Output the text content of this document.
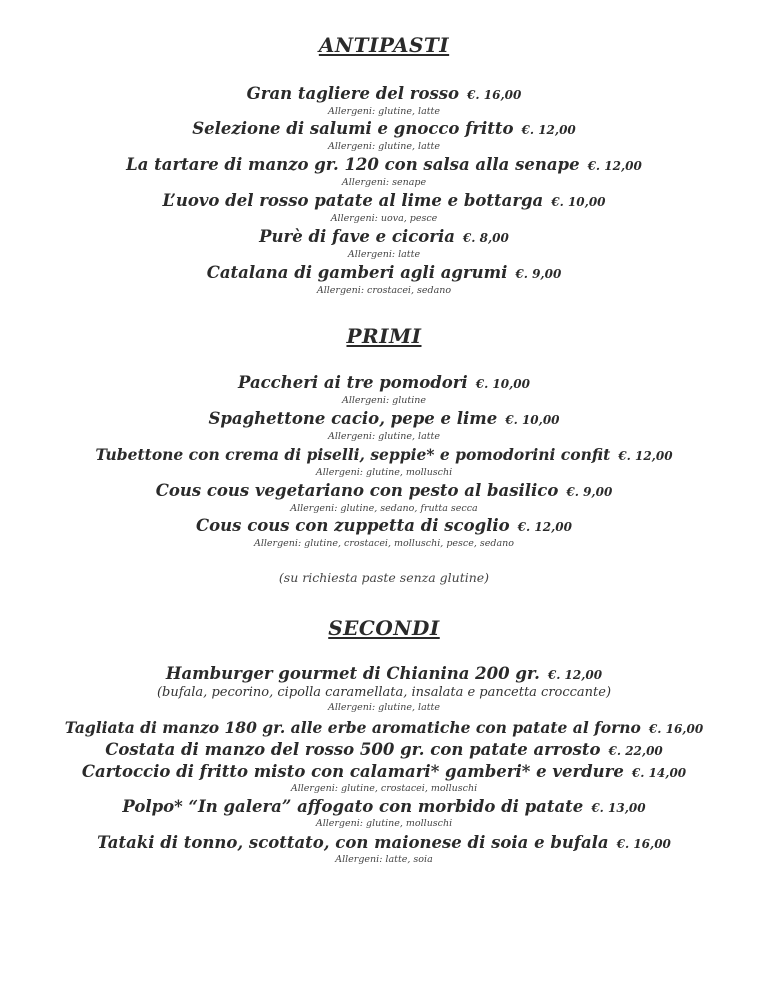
ANTIPASTI

Gran tagliere del rosso €. 16,00

Allergeni: glutine, latte

Selezione di salumi e gnocco fritto €. 12,00

Allergeni: glutine, latte

La tartare di manzo gr. 120 con salsa alla senape €. 12,00

Allergeni: senape

L’uovo del rosso patate al lime e bottarga €. 10,00

Allergeni: uova, pesce

Purè di fave e cicoria €. 8,00

Allergeni: latte

Catalana di gamberi agli agrumi €. 9,00

Allergeni: crostacei, sedano

PRIMI

Paccheri ai tre pomodori €. 10,00

Allergeni: glutine

Spaghettone cacio, pepe e lime €. 10,00

Allergeni: glutine, latte

Tubettone con crema di piselli, seppie* e pomodorini confit €. 12,00

Allergeni: glutine, molluschi

Cous cous vegetariano con pesto al basilico €. 9,00

Allergeni: glutine, sedano, frutta secca

Cous cous con zuppetta di scoglio €. 12,00

Allergeni: glutine, crostacei, molluschi, pesce, sedano

(su richiesta paste senza glutine)

SECONDI

Hamburger gourmet di Chianina 200 gr. €. 12,00

(bufala, pecorino, cipolla caramellata, insalata e pancetta croccante)

Allergeni: glutine, latte

Tagliata di manzo 180 gr. alle erbe aromatiche con patate al forno €. 16,00

Costata di manzo del rosso 500 gr. con patate arrosto €. 22,00

Cartoccio di fritto misto con calamari* gamberi* e verdure €. 14,00

Allergeni: glutine, crostacei, molluschi

Polpo* “In galera” affogato con morbido di patate €. 13,00

Allergeni: glutine, molluschi

Tataki di tonno, scottato, con maionese di soia e bufala €. 16,00

Allergeni: latte, soia
